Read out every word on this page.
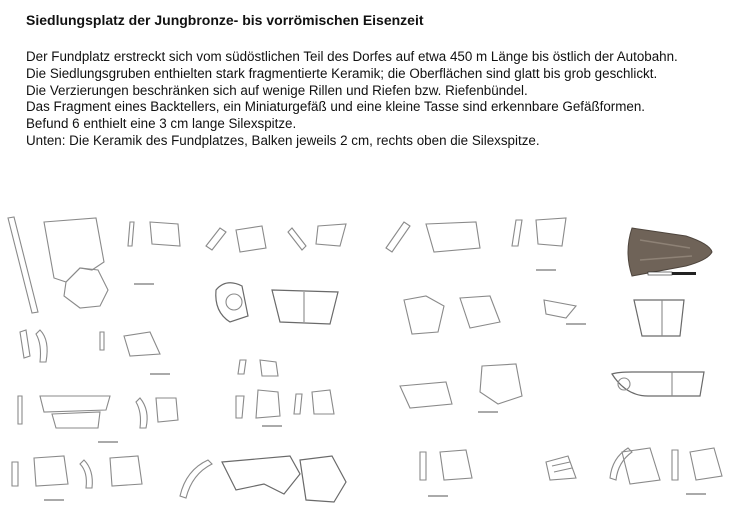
Siedlungsplatz der Jungbronze- bis vorrömischen Eisenzeit

Der Fundplatz erstreckt sich vom südöstlichen Teil des Dorfes auf etwa 450 m Länge bis östlich der Autobahn.

Die Siedlungsgruben enthielten stark fragmentierte Keramik; die Oberflächen sind glatt bis grob geschlickt.

Die Verzierungen beschränken sich auf wenige Rillen und Riefen bzw. Riefenbündel.

Das Fragment eines Backtellers, ein Miniaturgefäß und eine kleine Tasse sind erkennbare Gefäßformen. Befund 6 enthielt eine 3 cm lange Silexspitze.

Unten: Die Keramik des Fundplatzes, Balken jeweils 2 cm, rechts oben die Silexspitze.
